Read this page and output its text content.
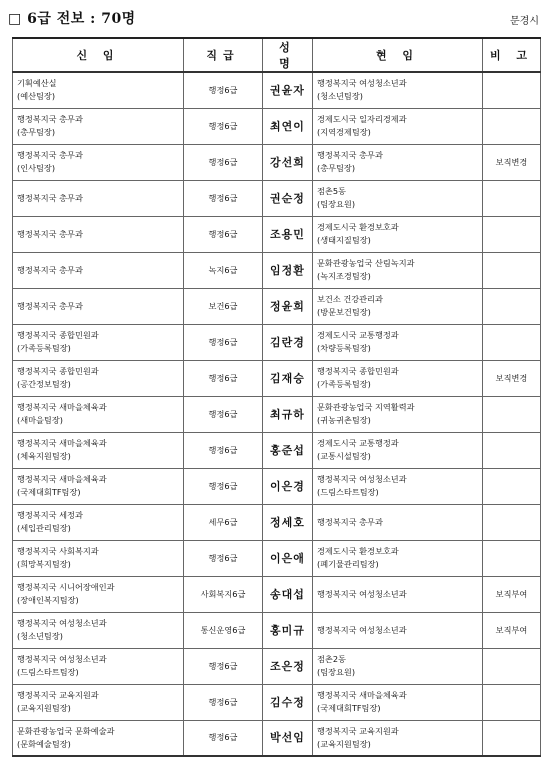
□ 6급 전보 : 70명	문경시
신 임	직급	성 명	현 임	비 고

기획예산실
(예산팀장)	행정6급	권윤자	행정복지국 여성청소년과
(청소년팀장)	

행정복지국 총무과
(총무팀장)	행정6급	최연이	경제도시국 일자리경제과
(지역경제팀장)	

행정복지국 총무과
(인사팀장)	행정6급	강선희	행정복지국 총무과
(총무팀장)	보직변경

행정복지국 총무과	행정6급	권순정	점촌5동
(팀장요원)	

행정복지국 총무과	행정6급	조용민	경제도시국 환경보호과
(생태지질팀장)	

행정복지국 총무과	녹지6급	임정환	문화관광농업국 산림녹지과
(녹지조경팀장)	

행정복지국 총무과	보건6급	정윤희	보건소 건강관리과
(방문보건팀장)	

행정복지국 종합민원과
(가족등록팀장)	행정6급	김란경	경제도시국 교통행정과
(차량등록팀장)	

행정복지국 종합민원과
(공간정보팀장)	행정6급	김재승	행정복지국 종합민원과
(가족등록팀장)	보직변경

행정복지국 새마을체육과
(새마을팀장)	행정6급	최규하	문화관광농업국 지역활력과
(귀농귀촌팀장)	

행정복지국 새마을체육과
(체육지원팀장)	행정6급	홍준섭	경제도시국 교통행정과
(교통시설팀장)	

행정복지국 새마을체육과
(국제대회TF팀장)	행정6급	이은경	행정복지국 여성청소년과
(드림스타트팀장)	

행정복지국 세정과
(세입관리팀장)	세무6급	정세호	행정복지국 총무과	

행정복지국 사회복지과
(희망복지팀장)	행정6급	이은애	경제도시국 환경보호과
(폐기물관리팀장)	

행정복지국 시니어장애인과
(장애인복지팀장)	사회복지6급	송대섭	행정복지국 여성청소년과	보직부여

행정복지국 여성청소년과
(청소년팀장)	통신운영6급	홍미규	행정복지국 여성청소년과	보직부여

행정복지국 여성청소년과
(드림스타트팀장)	행정6급	조은정	점촌2동
(팀장요원)	

행정복지국 교육지원과
(교육지원팀장)	행정6급	김수정	행정복지국 새마을체육과
(국제대회TF팀장)	

문화관광농업국 문화예술과
(문화예술팀장)	행정6급	박선임	행정복지국 교육지원과
(교육지원팀장)	
